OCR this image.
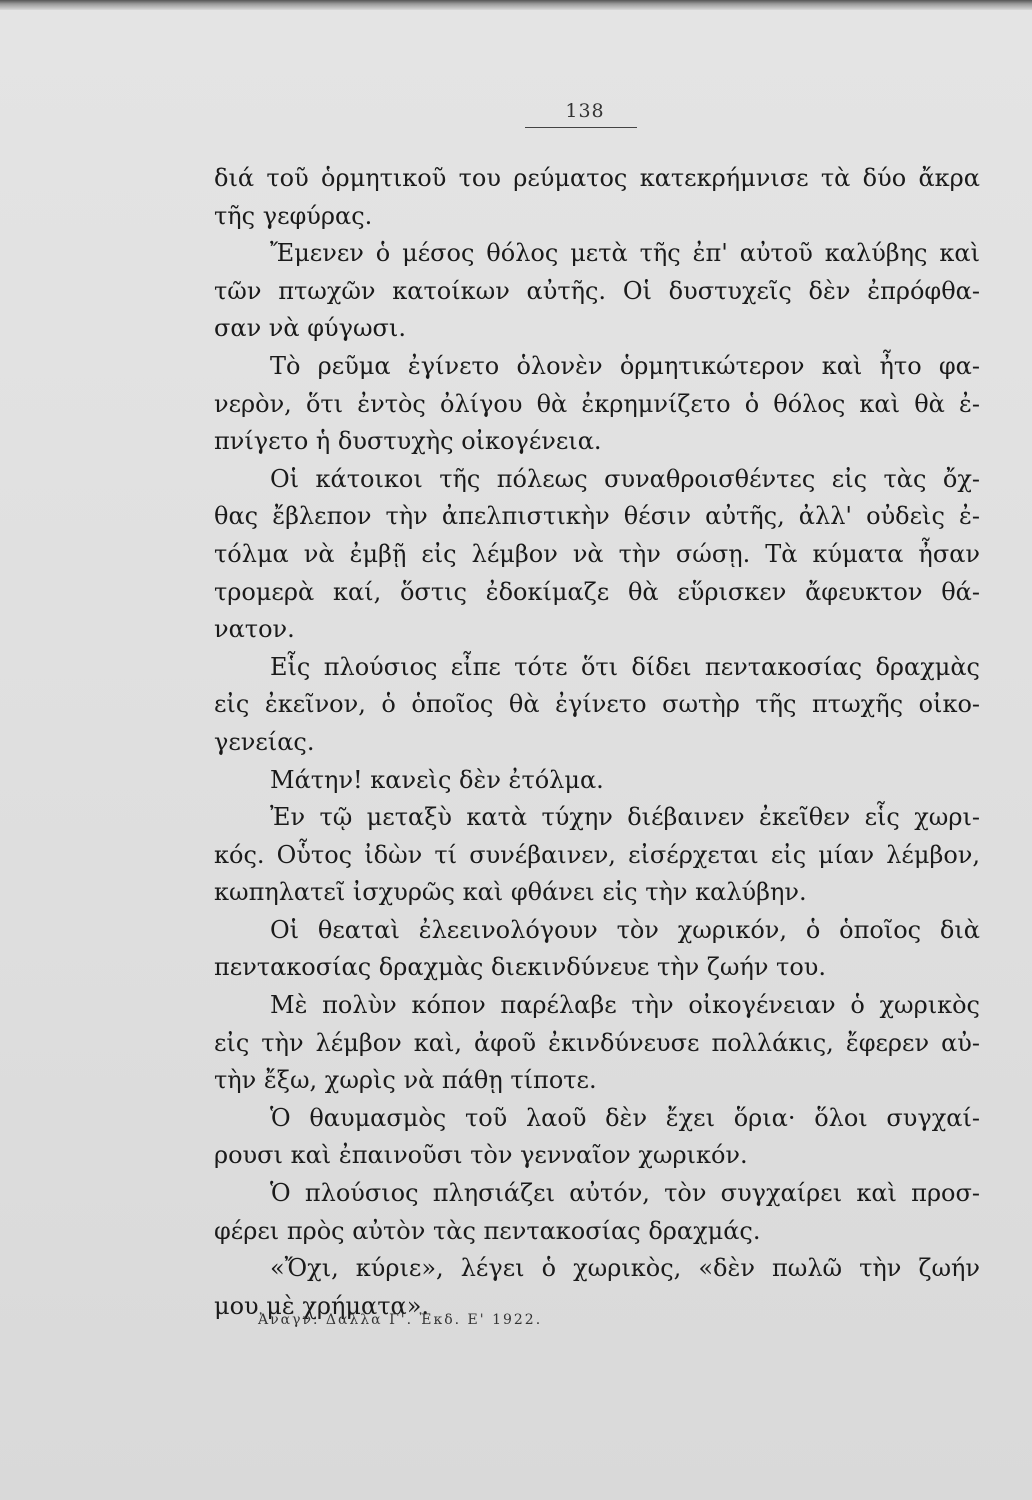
138
διά τοῦ ὁρμητικοῦ του ρεύματος κατεκρήμνισε τὰ δύο ἄκρα
τῆς γεφύρας.
Ἔμενεν ὁ μέσος θόλος μετὰ τῆς ἐπ' αὐτοῦ καλύβης καὶ
τῶν πτωχῶν κατοίκων αὐτῆς. Οἱ δυστυχεῖς δὲν ἐπρόφθα-
σαν νὰ φύγωσι.
Τὸ ρεῦμα ἐγίνετο ὁλονὲν ὁρμητικώτερον καὶ ἦτο φα-
νερὸν, ὅτι ἐντὸς ὀλίγου θὰ ἐκρημνίζετο ὁ θόλος καὶ θὰ ἐ-
πνίγετο ἡ δυστυχὴς οἰκογένεια.
Οἱ κάτοικοι τῆς πόλεως συναθροισθέντες εἰς τὰς ὄχ-
θας ἔβλεπον τὴν ἀπελπιστικὴν θέσιν αὐτῆς, ἀλλ' οὐδεὶς ἐ-
τόλμα νὰ ἐμβῇ εἰς λέμβον νὰ τὴν σώσῃ. Τὰ κύματα ἦσαν
τρομερὰ καί, ὅστις ἐδοκίμαζε θὰ εὕρισκεν ἄφευκτον θά-
νατον.
Εἷς πλούσιος εἶπε τότε ὅτι δίδει πεντακοσίας δραχμὰς
εἰς ἐκεῖνον, ὁ ὁποῖος θὰ ἐγίνετο σωτὴρ τῆς πτωχῆς οἰκο-
γενείας.
Μάτην! κανεὶς δὲν ἐτόλμα.
Ἐν τῷ μεταξὺ κατὰ τύχην διέβαινεν ἐκεῖθεν εἷς χωρι-
κός. Οὗτος ἰδὼν τί συνέβαινεν, εἰσέρχεται εἰς μίαν λέμβον,
κωπηλατεῖ ἰσχυρῶς καὶ φθάνει εἰς τὴν καλύβην.
Οἱ θεαταὶ ἐλεεινολόγουν τὸν χωρικόν, ὁ ὁποῖος διὰ
πεντακοσίας δραχμὰς διεκινδύνευε τὴν ζωήν του.
Μὲ πολὺν κόπον παρέλαβε τὴν οἰκογένειαν ὁ χωρικὸς
εἰς τὴν λέμβον καὶ, ἀφοῦ ἐκινδύνευσε πολλάκις, ἔφερεν αὐ-
τὴν ἔξω, χωρὶς νὰ πάθῃ τίποτε.
Ὁ θαυμασμὸς τοῦ λαοῦ δὲν ἔχει ὅρια· ὅλοι συγχαί-
ρουσι καὶ ἐπαινοῦσι τὸν γενναῖον χωρικόν.
Ὁ πλούσιος πλησιάζει αὐτόν, τὸν συγχαίρει καὶ προσ-
φέρει πρὸς αὐτὸν τὰς πεντακοσίας δραχμάς.
«Ὄχι, κύριε», λέγει ὁ χωρικὸς, «δὲν πωλῶ τὴν ζωήν
μου μὲ χρήματα».
Ἀναγν. Δαλλα Γ'. Ἐκδ. Ε' 1922.
